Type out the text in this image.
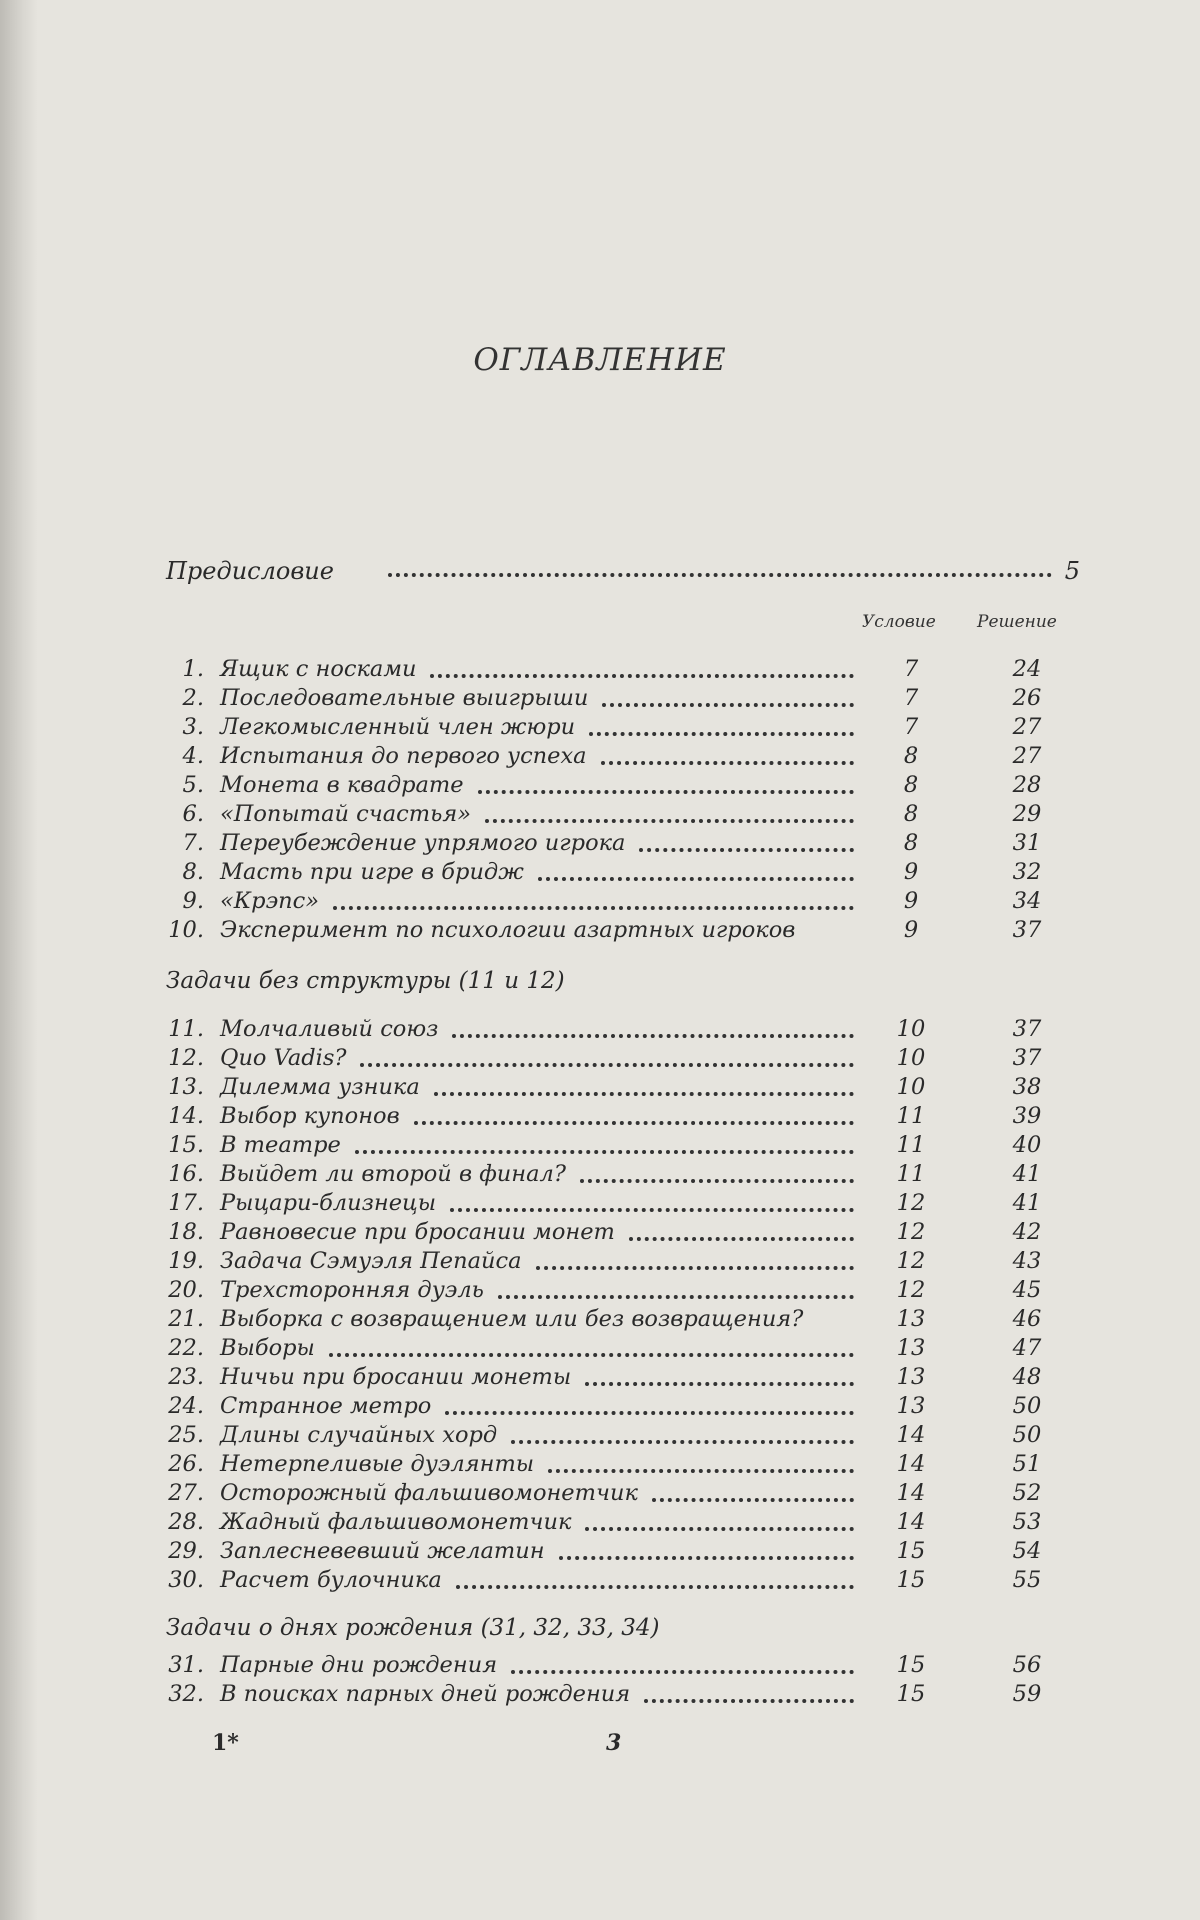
ОГЛАВЛЕНИЕ
Предисловие	5
Условие Решение
1. Ящик с носками	7	24
2. Последовательные выигрыши	7	26
3. Легкомысленный член жюри	7	27
4. Испытания до первого успеха	8	27
5. Монета в квадрате	8	28
6. «Попытай счастья»	8	29
7. Переубеждение упрямого игрока	8	31
8. Масть при игре в бридж	9	32
9. «Крэпс»	9	34
10. Эксперимент по психологии азартных игроков	9	37
Задачи без структуры (11 и 12)
11. Молчаливый союз	10	37
12. Quo Vadis?	10	37
13. Дилемма узника	10	38
14. Выбор купонов	11	39
15. В театре	11	40
16. Выйдет ли второй в финал?	11	41
17. Рыцари-близнецы	12	41
18. Равновесие при бросании монет	12	42
19. Задача Сэмуэля Пепайса	12	43
20. Трехсторонняя дуэль	12	45
21. Выборка с возвращением или без возвращения?	13	46
22. Выборы	13	47
23. Ничьи при бросании монеты	13	48
24. Странное метро	13	50
25. Длины случайных хорд	14	50
26. Нетерпеливые дуэлянты	14	51
27. Осторожный фальшивомонетчик	14	52
28. Жадный фальшивомонетчик	14	53
29. Заплесневевший желатин	15	54
30. Расчет булочника	15	55
Задачи о днях рождения (31, 32, 33, 34)
31. Парные дни рождения	15	56
32. В поисках парных дней рождения	15	59
1*	3
